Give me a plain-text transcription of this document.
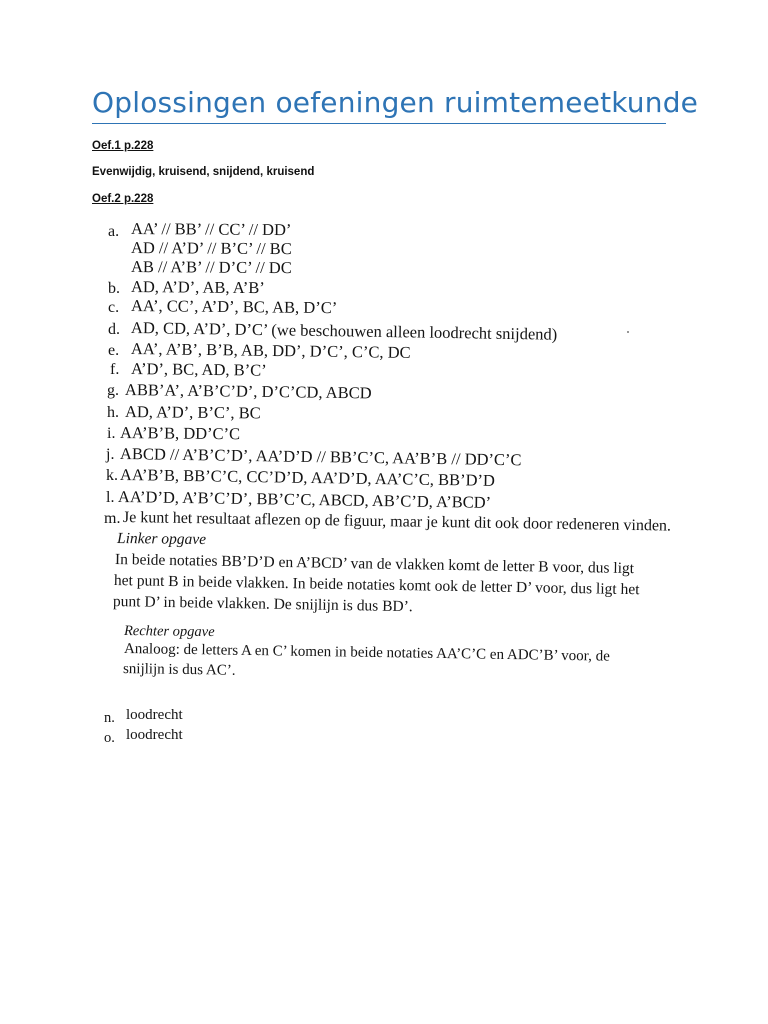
Oplossingen oefeningen ruimtemeetkunde
Oef.1 p.228
Evenwijdig, kruisend, snijdend, kruisend
Oef.2 p.228
a. AA’ // BB’ // CC’ // DD’
AD // A’D’ // B’C’ // BC
AB // A’B’ // D’C’ // DC
b. AD, A’D’, AB, A’B’
c. AA’, CC’, A’D’, BC, AB, D’C’
d. AD, CD, A’D’, D’C’ (we beschouwen alleen loodrecht snijdend)
e. AA’, A’B’, B’B, AB, DD’, D’C’, C’C, DC
f. A’D’, BC, AD, B’C’
g. ABB’A’, A’B’C’D’, D’C’CD, ABCD
h. AD, A’D’, B’C’, BC
i. AA’B’B, DD’C’C
j. ABCD // A’B’C’D’, AA’D’D // BB’C’C, AA’B’B // DD’C’C
k. AA’B’B, BB’C’C, CC’D’D, AA’D’D, AA’C’C, BB’D’D
l. AA’D’D, A’B’C’D’, BB’C’C, ABCD, AB’C’D, A’BCD’
m. Je kunt het resultaat aflezen op de figuur, maar je kunt dit ook door redeneren vinden.
Linker opgave
In beide notaties BB’D’D en A’BCD’ van de vlakken komt de letter B voor, dus ligt
het punt B in beide vlakken. In beide notaties komt ook de letter D’ voor, dus ligt het
punt D’ in beide vlakken. De snijlijn is dus BD’.
Rechter opgave
Analoog: de letters A en C’ komen in beide notaties AA’C’C en ADC’B’ voor, de
snijlijn is dus AC’.
n. loodrecht
o. loodrecht
